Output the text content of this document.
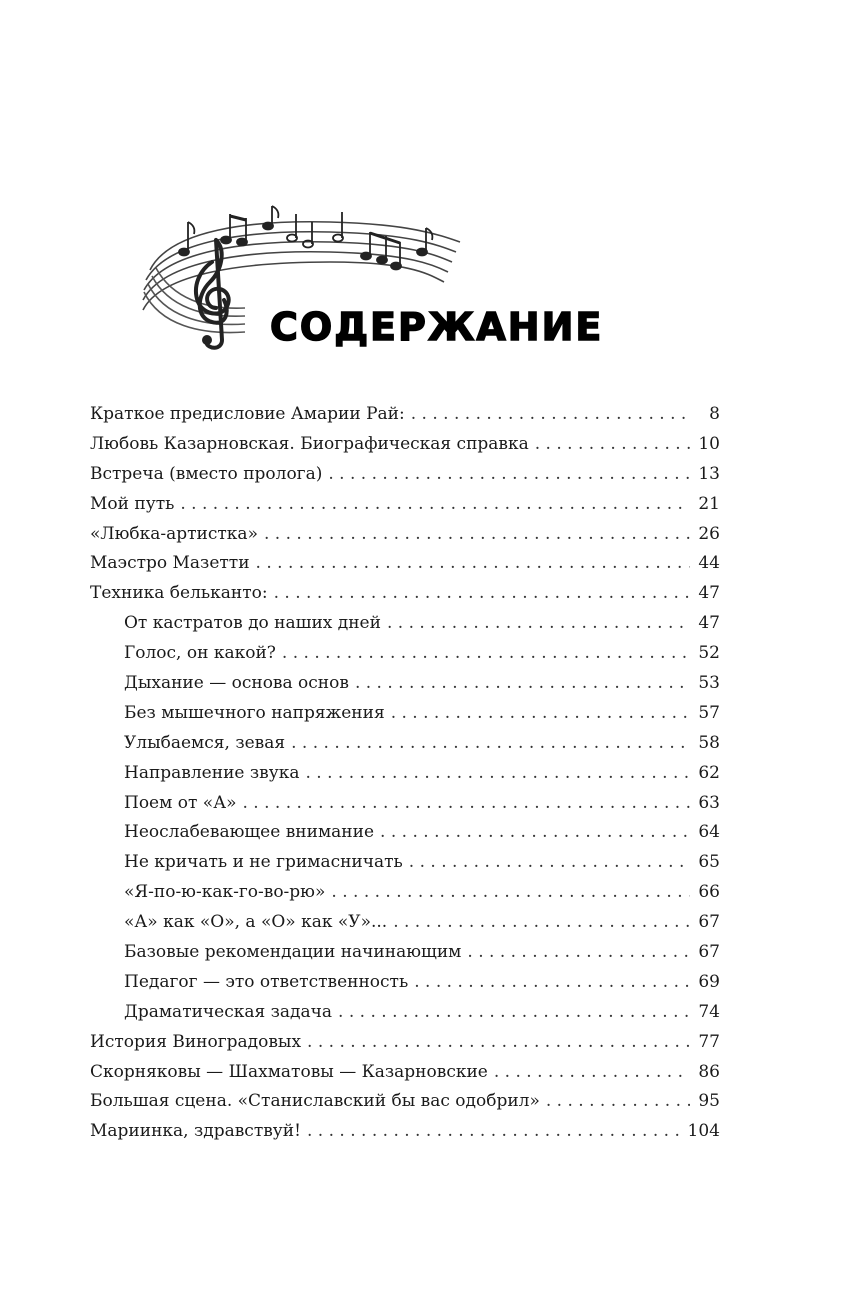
СОДЕРЖАНИЕ
Краткое предисловие Амарии Рай: . . .	8
Любовь Казарновская. Биографическая справка . . .	10
Встреча (вместо пролога) . . .	13
Мой путь . . .	21
«Любка-артистка» . . .	26
Маэстро Мазетти . . .	44
Техника бельканто: . . .	47
От кастратов до наших дней . . .	47
Голос, он какой? . . .	52
Дыхание — основа основ . . .	53
Без мышечного напряжения . . .	57
Улыбаемся, зевая . . .	58
Направление звука . . .	62
Поем от «А» . . .	63
Неослабевающее внимание . . .	64
Не кричать и не гримасничать . . .	65
«Я-по-ю-как-го-во-рю» . . .	66
«А» как «О», а «О» как «У»... . . .	67
Базовые рекомендации начинающим . . .	67
Педагог — это ответственность . . .	69
Драматическая задача . . .	74
История Виноградовых . . .	77
Скорняковы — Шахматовы — Казарновские . . .	86
Большая сцена. «Станиславский бы вас одобрил» . . .	95
Мариинка, здравствуй! . . .	104
